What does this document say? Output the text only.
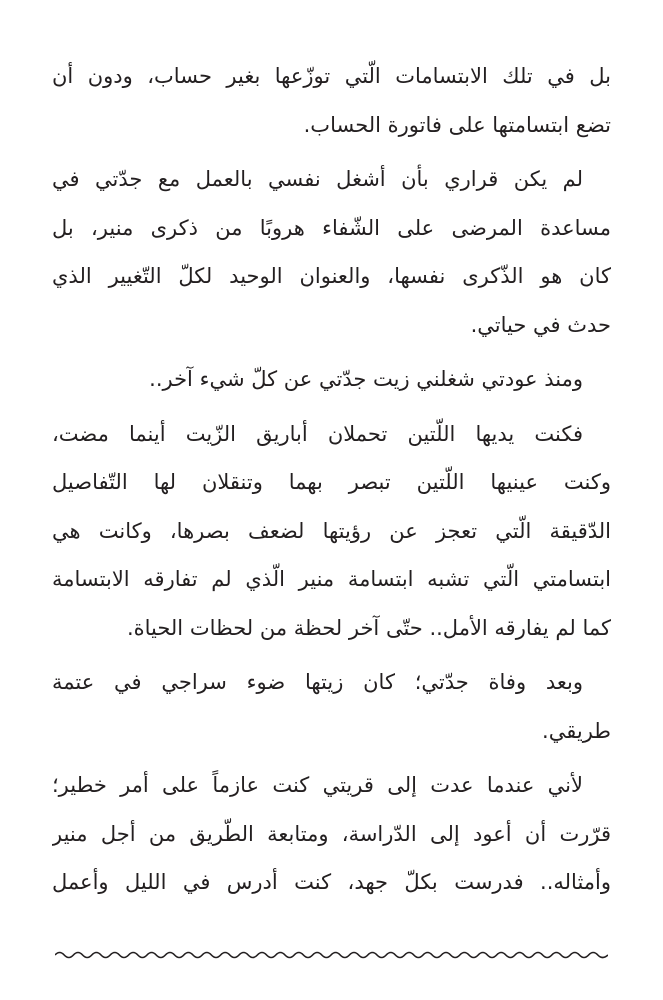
بل في تلك الابتسامات الّتي توزّعها بغير حساب، ودون أن
تضع ابتسامتها على فاتورة الحساب.
لم يكن قراري بأن أشغل نفسي بالعمل مع جدّتي في
مساعدة المرضى على الشّفاء هروبًا من ذكرى منير، بل
كان هو الذّكرى نفسها، والعنوان الوحيد لكلّ التّغيير الذي
حدث في حياتي.
ومنذ عودتي شغلني زيت جدّتي عن كلّ شيء آخر..
فكنت يديها اللّتين تحملان أباريق الزّيت أينما مضت،
وكنت عينيها اللّتين تبصر بهما وتنقلان لها التّفاصيل
الدّقيقة الّتي تعجز عن رؤيتها لضعف بصرها، وكانت هي
ابتسامتي الّتي تشبه ابتسامة منير الّذي لم تفارقه الابتسامة
كما لم يفارقه الأمل.. حتّى آخر لحظة من لحظات الحياة.
وبعد وفاة جدّتي؛ كان زيتها ضوء سراجي في عتمة
طريقي.
لأني عندما عدت إلى قريتي كنت عازماً على أمر خطير؛
قرّرت أن أعود إلى الدّراسة، ومتابعة الطّريق من أجل منير
وأمثاله.. فدرست بكلّ جهد، كنت أدرس في الليل وأعمل
